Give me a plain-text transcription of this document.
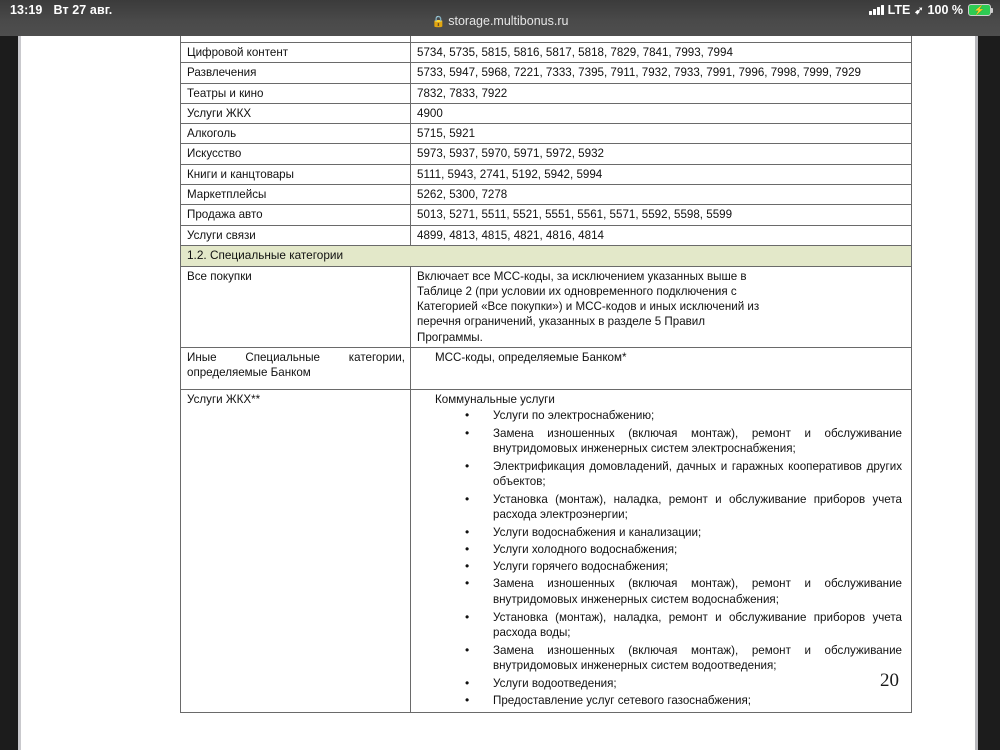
13:19 Вт 27 авг.	LTE ➹ 100 % ⚡
🔒 storage.multibonus.ru

Цифровой контент	5734, 5735, 5815, 5816, 5817, 5818, 7829, 7841, 7993, 7994
Развлечения	5733, 5947, 5968, 7221, 7333, 7395, 7911, 7932, 7933, 7991, 7996, 7998, 7999, 7929
Театры и кино	7832, 7833, 7922
Услуги ЖКХ	4900
Алкоголь	5715, 5921
Искусство	5973, 5937, 5970, 5971, 5972, 5932
Книги и канцтовары	5111, 5943, 2741, 5192, 5942, 5994
Маркетплейсы	5262, 5300, 7278
Продажа авто	5013, 5271, 5511, 5521, 5551, 5561, 5571, 5592, 5598, 5599
Услуги связи	4899, 4813, 4815, 4821, 4816, 4814
1.2. Специальные категории	
Все покупки	Включает все МСС-коды, за исключением указанных выше в

Таблице 2 (при условии их одновременного подключения с

Категорией «Все покупки») и МСС-кодов и иных исключений из

перечня ограничений, указанных в разделе 5 Правил

Программы.

Иные Специальные категории, определяемые Банком	МСС-коды, определяемые Банком*
Услуги ЖКХ**	Коммунальные услуги
• Услуги по электроснабжению;
• Замена изношенных (включая монтаж), ремонт и обслуживание внутридомовых инженерных систем электроснабжения;
• Электрификация домовладений, дачных и гаражных кооперативов других объектов;
• Установка (монтаж), наладка, ремонт и обслуживание приборов учета расхода электроэнергии;
• Услуги водоснабжения и канализации;
• Услуги холодного водоснабжения;
• Услуги горячего водоснабжения;
• Замена изношенных (включая монтаж), ремонт и обслуживание внутридомовых инженерных систем водоснабжения;
• Установка (монтаж), наладка, ремонт и обслуживание приборов учета расхода воды;
• Замена изношенных (включая монтаж), ремонт и обслуживание внутридомовых инженерных систем водоотведения;
• Услуги водоотведения;
• Предоставление услуг сетевого газоснабжения;
20
